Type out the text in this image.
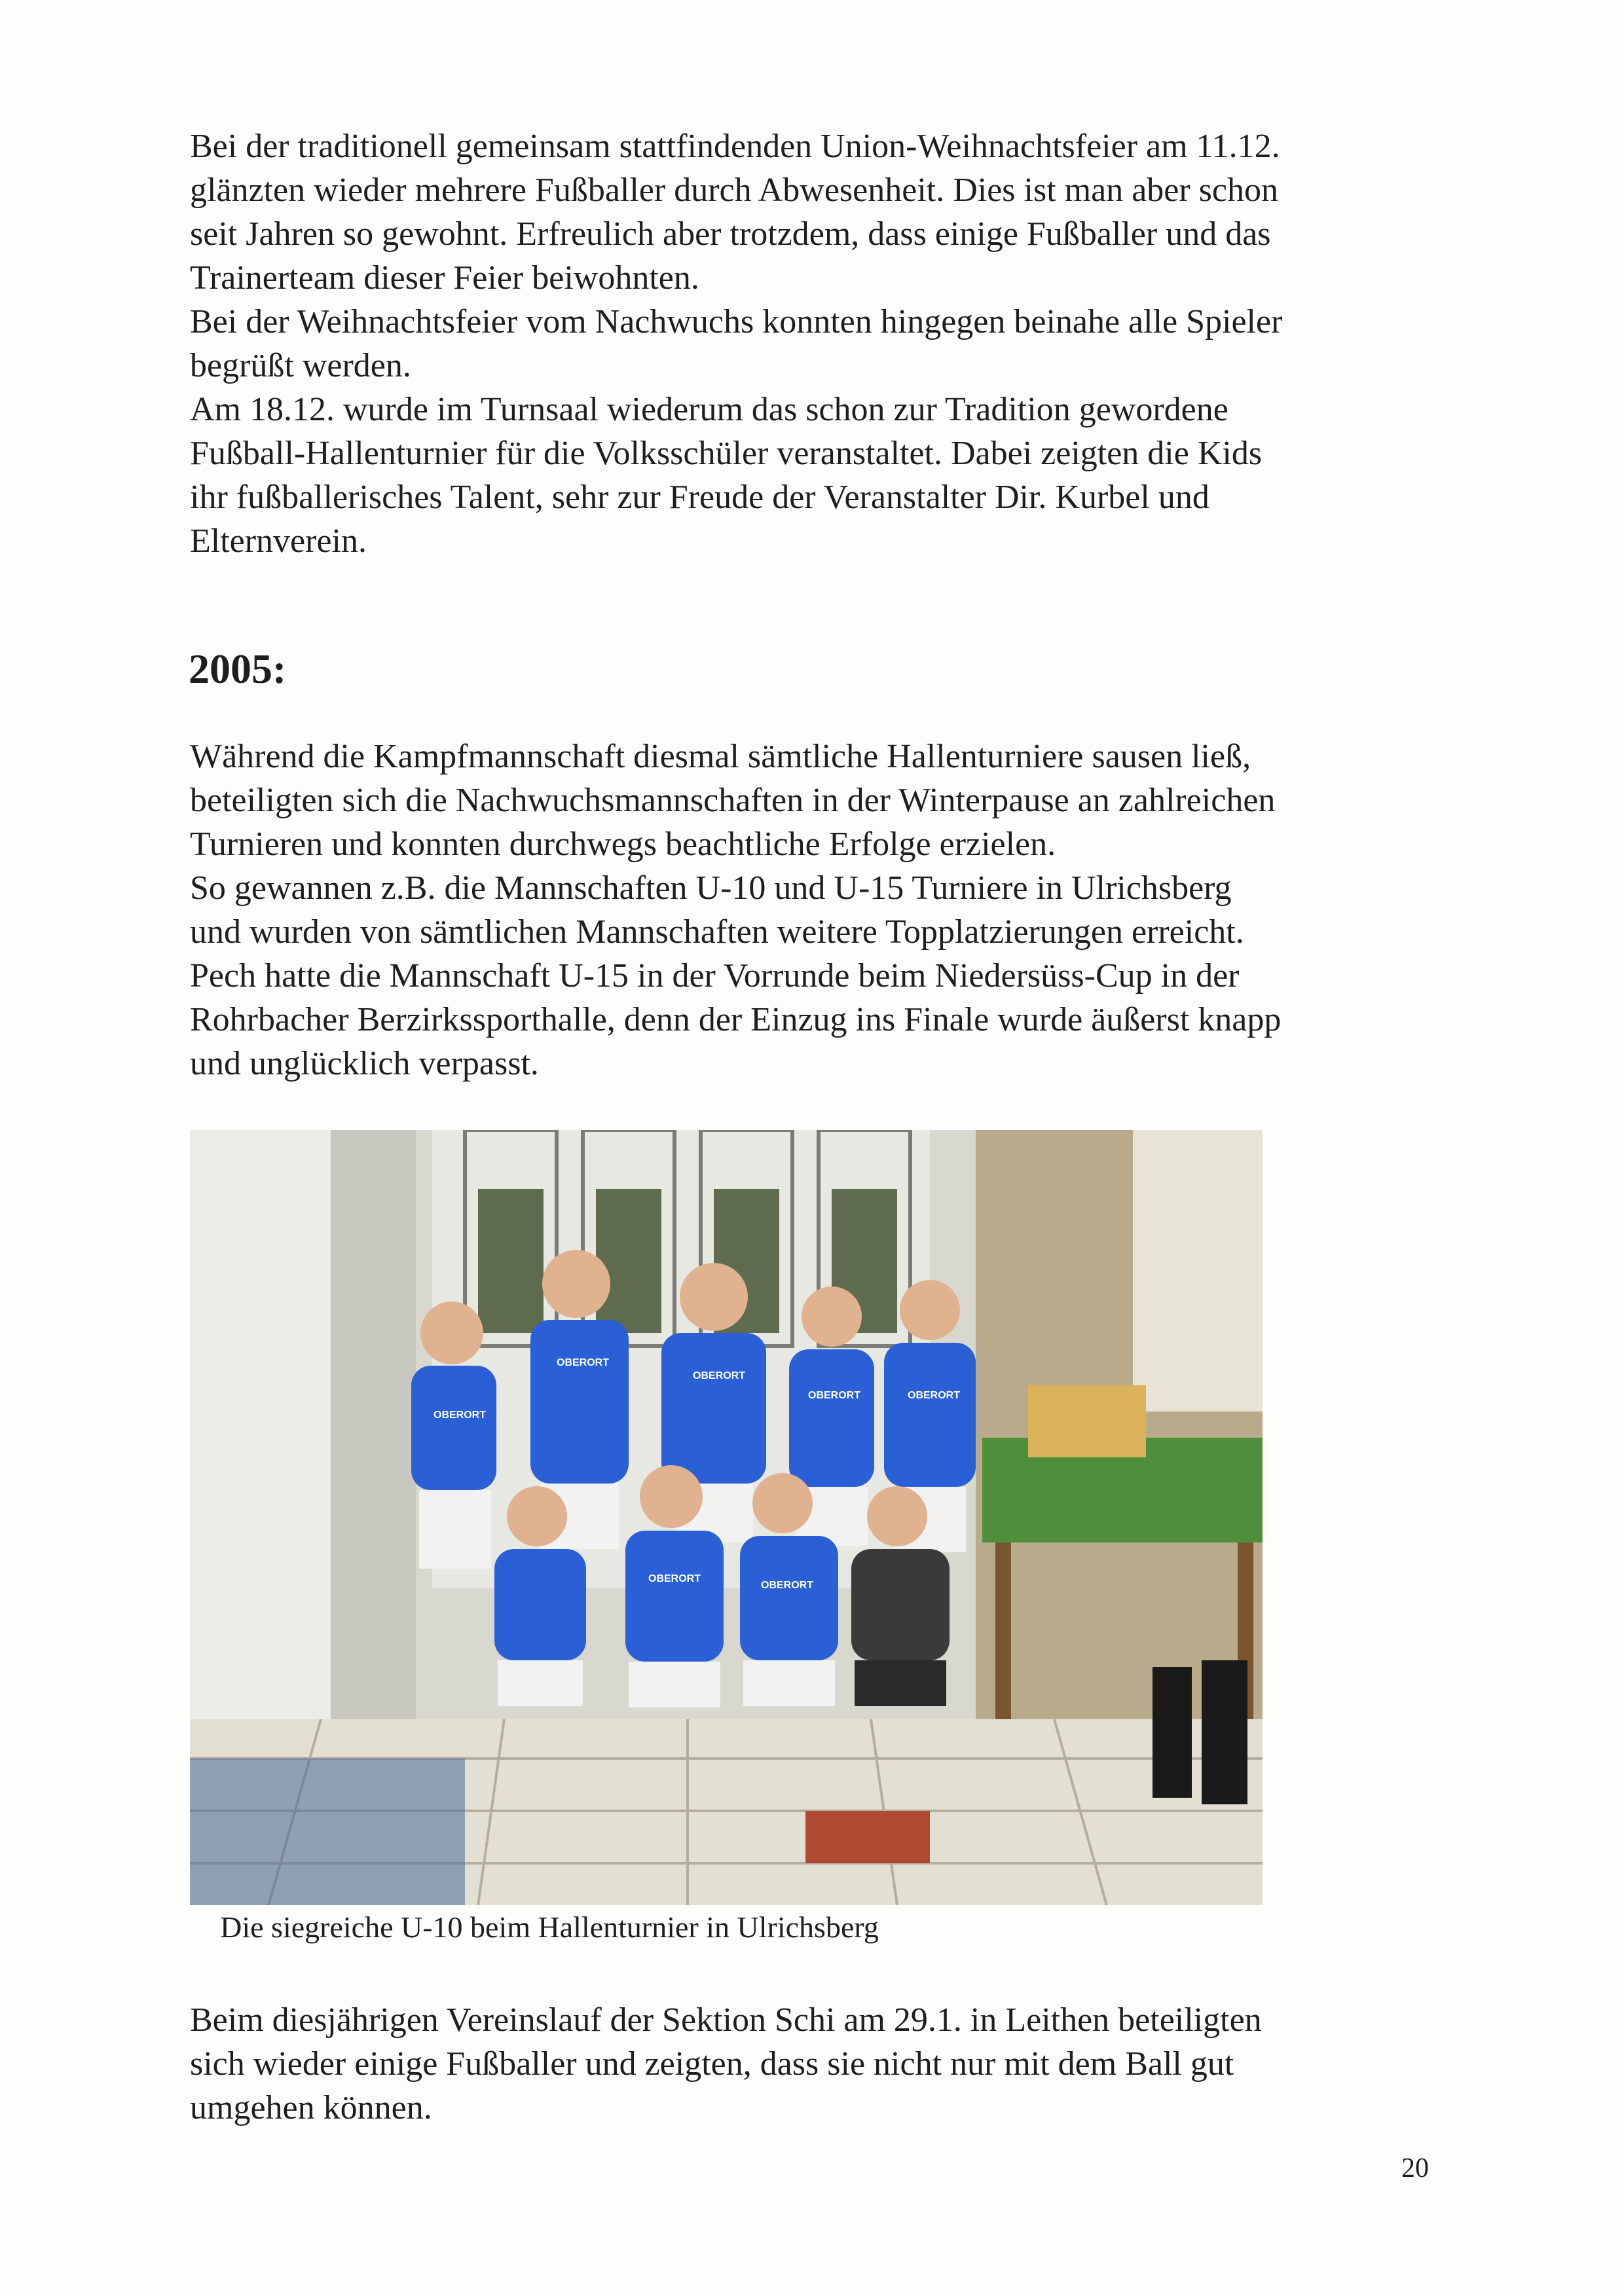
Bei der traditionell gemeinsam stattfindenden Union-Weihnachtsfeier am 11.12.
glänzten wieder mehrere Fußballer durch Abwesenheit. Dies ist man aber schon
seit Jahren so gewohnt. Erfreulich aber trotzdem, dass einige Fußballer und das
Trainerteam dieser Feier beiwohnten.
Bei der Weihnachtsfeier vom Nachwuchs konnten hingegen beinahe alle Spieler
begrüßt werden.
Am 18.12. wurde im Turnsaal wiederum das schon zur Tradition gewordene
Fußball-Hallenturnier für die Volksschüler veranstaltet. Dabei zeigten die Kids
ihr fußballerisches Talent, sehr zur Freude der Veranstalter Dir. Kurbel und
Elternverein.
2005:
Während die Kampfmannschaft diesmal sämtliche Hallenturniere sausen ließ,
beteiligten sich die Nachwuchsmannschaften in der Winterpause an zahlreichen
Turnieren und konnten durchwegs beachtliche Erfolge erzielen.
So gewannen z.B. die Mannschaften U-10 und U-15 Turniere in Ulrichsberg
und wurden von sämtlichen Mannschaften weitere Topplatzierungen erreicht.
Pech hatte die Mannschaft U-15 in der Vorrunde beim Niedersüss-Cup in der
Rohrbacher Berzirkssporthalle, denn der Einzug ins Finale wurde äußerst knapp
und unglücklich verpasst.
OBERORT
OBERORT
OBERORT	OBERORT
OBERORT
OBERORT
OBERORT

Die siegreiche U-10 beim Hallenturnier in Ulrichsberg

Beim diesjährigen Vereinslauf der Sektion Schi am 29.1. in Leithen beteiligten
sich wieder einige Fußballer und zeigten, dass sie nicht nur mit dem Ball gut
umgehen können.

20
